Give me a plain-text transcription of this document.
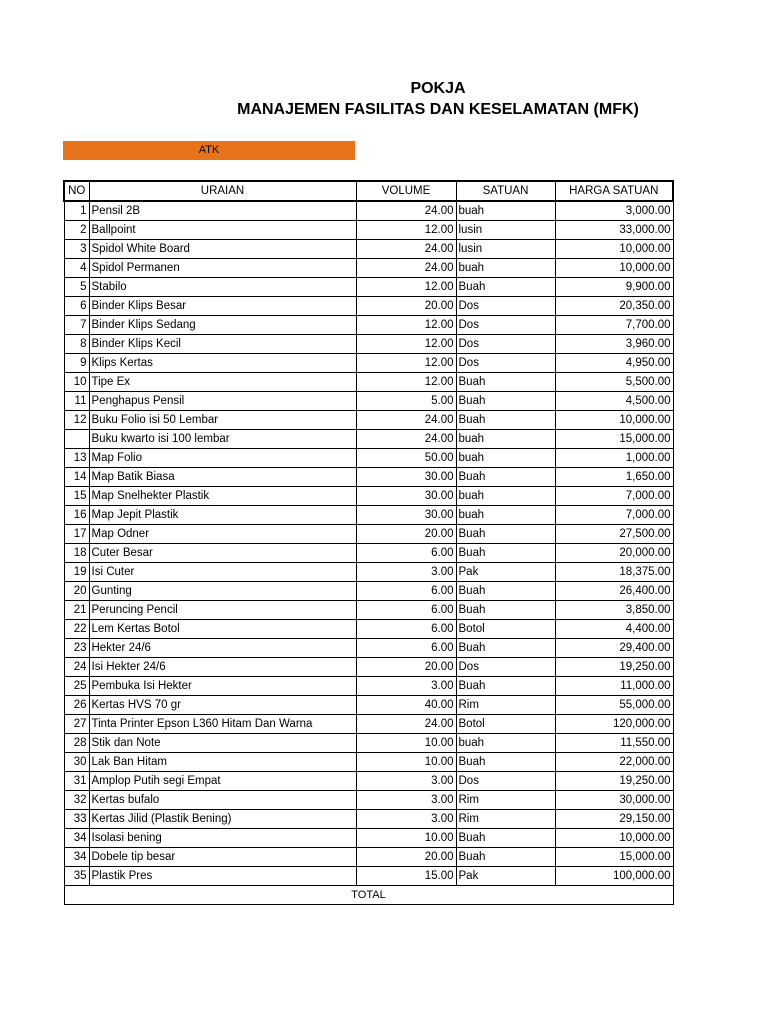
POKJA
MANAJEMEN FASILITAS DAN KESELAMATAN (MFK)
ATK
NO	URAIAN	VOLUME	SATUAN	HARGA SATUAN
1	Pensil 2B	24.00	buah	3,000.00
2	Ballpoint	12.00	lusin	33,000.00
3	Spidol White Board	24.00	lusin	10,000.00
4	Spidol Permanen	24.00	buah	10,000.00
5	Stabilo	12.00	Buah	9,900.00
6	Binder Klips Besar	20.00	Dos	20,350.00
7	Binder Klips Sedang	12.00	Dos	7,700.00
8	Binder Klips Kecil	12.00	Dos	3,960.00
9	Klips Kertas	12.00	Dos	4,950.00
10	Tipe Ex	12.00	Buah	5,500.00
11	Penghapus Pensil	5.00	Buah	4,500.00
12	Buku Folio isi 50 Lembar	24.00	Buah	10,000.00
	Buku kwarto isi 100 lembar	24.00	buah	15,000.00
13	Map Folio	50.00	buah	1,000.00
14	Map Batik Biasa	30.00	Buah	1,650.00
15	Map Snelhekter Plastik	30.00	buah	7,000.00
16	Map Jepit Plastik	30.00	buah	7,000.00
17	Map Odner	20.00	Buah	27,500.00
18	Cuter Besar	6.00	Buah	20,000.00
19	Isi Cuter	3.00	Pak	18,375.00
20	Gunting	6.00	Buah	26,400.00
21	Peruncing Pencil	6.00	Buah	3,850.00
22	Lem Kertas Botol	6.00	Botol	4,400.00
23	Hekter 24/6	6.00	Buah	29,400.00
24	Isi Hekter 24/6	20.00	Dos	19,250.00
25	Pembuka Isi Hekter	3.00	Buah	11,000.00
26	Kertas HVS 70 gr	40.00	Rim	55,000.00
27	Tinta Printer Epson L360 Hitam Dan Warna	24.00	Botol	120,000.00
28	Stik dan Note	10.00	buah	11,550.00
30	Lak Ban Hitam	10.00	Buah	22,000.00
31	Amplop Putih segi Empat	3.00	Dos	19,250.00
32	Kertas bufalo	3.00	Rim	30,000.00
33	Kertas Jilid (Plastik Bening)	3.00	Rim	29,150.00
34	Isolasi bening	10.00	Buah	10,000.00
34	Dobele tip besar	20.00	Buah	15,000.00
35	Plastik Pres	15.00	Pak	100,000.00
TOTAL				
